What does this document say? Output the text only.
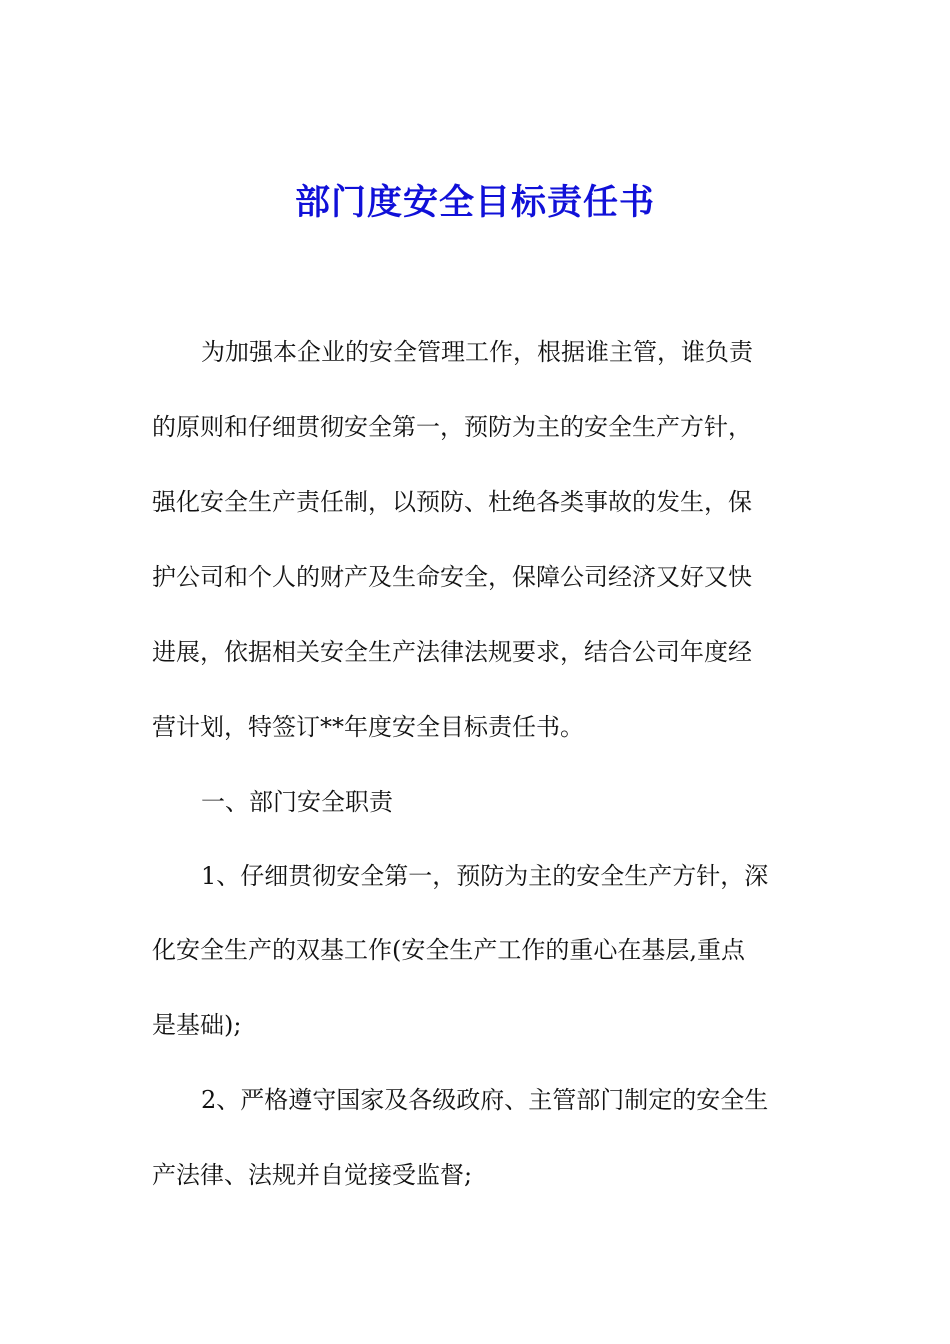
部门度安全目标责任书
为加强本企业的安全管理工作，根据谁主管，谁负责
的原则和仔细贯彻安全第一，预防为主的安全生产方针，
强化安全生产责任制，以预防、杜绝各类事故的发生，保
护公司和个人的财产及生命安全，保障公司经济又好又快
进展，依据相关安全生产法律法规要求，结合公司年度经
营计划，特签订**年度安全目标责任书。
一、部门安全职责
1、仔细贯彻安全第一，预防为主的安全生产方针，深
化安全生产的双基工作(安全生产工作的重心在基层,重点
是基础);
2、严格遵守国家及各级政府、主管部门制定的安全生
产法律、法规并自觉接受监督;
